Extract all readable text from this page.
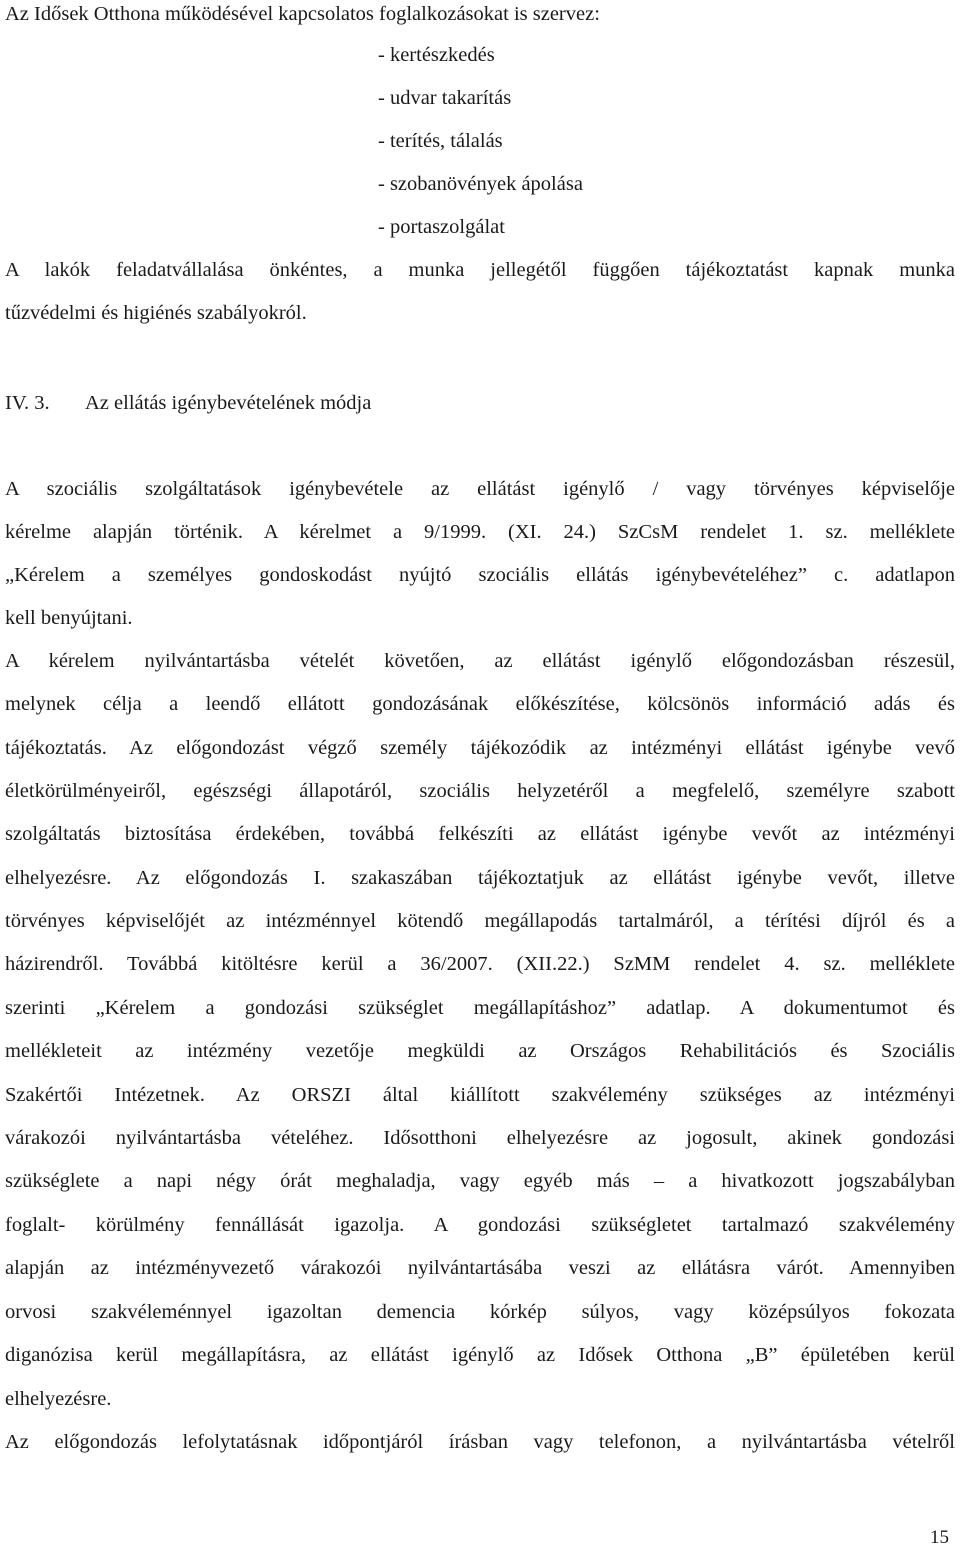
Az Idősek Otthona működésével kapcsolatos foglalkozásokat is szervez:
- kertészkedés
- udvar takarítás
- terítés, tálalás
- szobanövények ápolása
- portaszolgálat
A lakók feladatvállalása önkéntes, a munka jellegétől függően tájékoztatást kapnak munka
tűzvédelmi és higiénés szabályokról.
IV. 3. Az ellátás igénybevételének módja
A szociális szolgáltatások igénybevétele az ellátást igénylő / vagy törvényes képviselője
kérelme alapján történik. A kérelmet a 9/1999. (XI. 24.) SzCsM rendelet 1. sz. melléklete
„Kérelem a személyes gondoskodást nyújtó szociális ellátás igénybevételéhez” c. adatlapon
kell benyújtani.
A kérelem nyilvántartásba vételét követően, az ellátást igénylő előgondozásban részesül,
melynek célja a leendő ellátott gondozásának előkészítése, kölcsönös információ adás és
tájékoztatás. Az előgondozást végző személy tájékozódik az intézményi ellátást igénybe vevő
életkörülményeiről, egészségi állapotáról, szociális helyzetéről a megfelelő, személyre szabott
szolgáltatás biztosítása érdekében, továbbá felkészíti az ellátást igénybe vevőt az intézményi
elhelyezésre. Az előgondozás I. szakaszában tájékoztatjuk az ellátást igénybe vevőt, illetve
törvényes képviselőjét az intézménnyel kötendő megállapodás tartalmáról, a térítési díjról és a
házirendről. Továbbá kitöltésre kerül a 36/2007. (XII.22.) SzMM rendelet 4. sz. melléklete
szerinti „Kérelem a gondozási szükséglet megállapításhoz” adatlap. A dokumentumot és
mellékleteit az intézmény vezetője megküldi az Országos Rehabilitációs és Szociális
Szakértői Intézetnek. Az ORSZI által kiállított szakvélemény szükséges az intézményi
várakozói nyilvántartásba vételéhez. Idősotthoni elhelyezésre az jogosult, akinek gondozási
szükséglete a napi négy órát meghaladja, vagy egyéb más – a hivatkozott jogszabályban
foglalt- körülmény fennállását igazolja. A gondozási szükségletet tartalmazó szakvélemény
alapján az intézményvezető várakozói nyilvántartásába veszi az ellátásra várót. Amennyiben
orvosi szakvéleménnyel igazoltan demencia kórkép súlyos, vagy középsúlyos fokozata
diganózisa kerül megállapításra, az ellátást igénylő az Idősek Otthona „B” épületében kerül
elhelyezésre.
Az előgondozás lefolytatásnak időpontjáról írásban vagy telefonon, a nyilvántartásba vételről
15
